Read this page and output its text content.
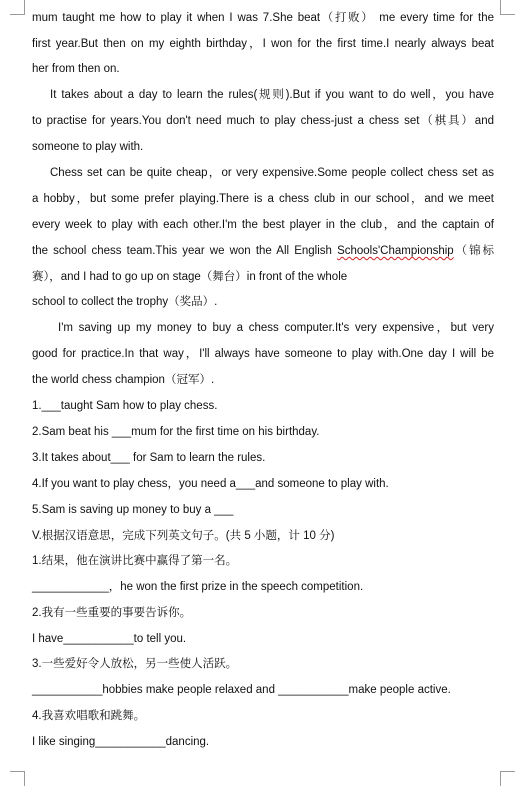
mum taught me how to play it when I was 7.She beat（打败） me every time for the
first year.But then on my eighth birthday，I won for the first time.I nearly always beat
her from then on.
It takes about a day to learn the rules(规则).But if you want to do well，you have
to practise for years.You don't need much to play chess-just a chess set（棋具）and
someone to play with.
Chess set can be quite cheap，or very expensive.Some people collect chess set as
a hobby，but some prefer playing.There is a chess club in our school，and we meet
every week to play with each other.I'm the best player in the club，and the captain of
the school chess team.This year we won the All English Schools'Championship（锦标
赛），and I had to go up on stage（舞台）in front of the whole
school to collect the trophy（奖品）.
I'm saving up my money to buy a chess computer.It's very expensive，but very
good for practice.In that way，I'll always have someone to play with.One day I will be
the world chess champion（冠军）.
1.___taught Sam how to play chess.
2.Sam beat his ___mum for the first time on his birthday.
3.It takes about___ for Sam to learn the rules.
4.If you want to play chess，you need a___and someone to play with.
5.Sam is saving up money to buy a ___
V.根据汉语意思，完成下列英文句子。(共 5 小题，计 10 分)
1.结果，他在演讲比赛中赢得了第一名。
____________，he won the first prize in the speech competition.
2.我有一些重要的事要告诉你。
I have___________to tell you.
3.一些爱好令人放松，另一些使人活跃。
___________hobbies make people relaxed and ___________make people active.
4.我喜欢唱歌和跳舞。
I like singing___________dancing.
